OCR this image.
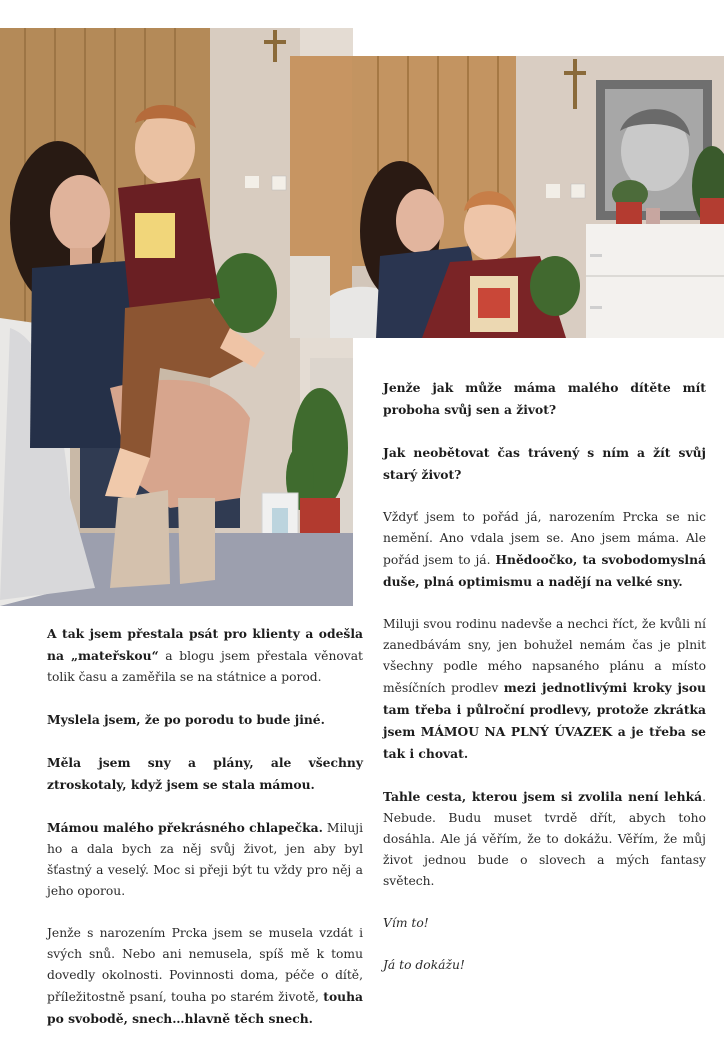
A tak jsem přestala psát pro klienty a odešla na „mateřskou“ a blogu jsem přestala věnovat tolik času a zaměřila se na státnice a porod.

Myslela jsem, že po porodu to bude jiné.

Měla jsem sny a plány, ale všechny ztroskotaly, když jsem se stala mámou.

Mámou malého překrásného chlapečka. Miluji ho a dala bych za něj svůj život, jen aby byl šťastný a veselý. Moc si přeji být tu vždy pro něj a jeho oporou.

Jenže s narozením Prcka jsem se musela vzdát i svých snů. Nebo ani nemusela, spíš mě k tomu dovedly okolnosti. Povinnosti doma, péče o dítě, příležitostně psaní, touha po starém životě, touha po svobodě, snech…hlavně těch snech.

Jenže jak může máma malého dítěte mít proboha svůj sen a život?

Jak neobětovat čas trávený s ním a žít svůj starý život?

Vždyť jsem to pořád já, narozením Prcka se nic nemění. Ano vdala jsem se. Ano jsem máma. Ale pořád jsem to já. Hnědoočko, ta svobodomyslná duše, plná optimismu a nadějí na velké sny.

Miluji svou rodinu nadevše a nechci říct, že kvůli ní zanedbávám sny, jen bohužel nemám čas je plnit všechny podle mého napsaného plánu a místo měsíčních prodlev mezi jednotlivými kroky jsou tam třeba i půlroční prodlevy, protože zkrátka jsem MÁMOU NA PLNÝ ÚVAZEK a je třeba se tak i chovat.

Tahle cesta, kterou jsem si zvolila není lehká. Nebude. Budu muset tvrdě dřít, abych toho dosáhla. Ale já věřím, že to dokážu. Věřím, že můj život jednou bude o slovech a mých fantasy světech.

Vím to!

Já to dokážu!
